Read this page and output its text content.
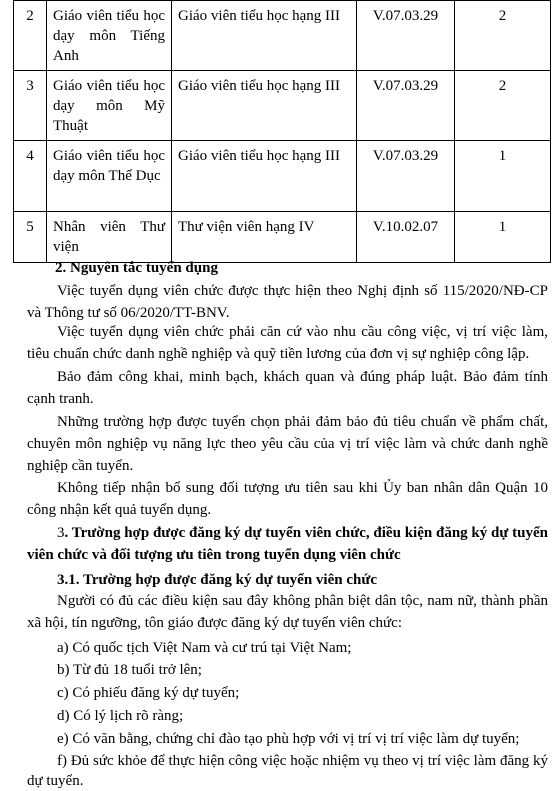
2	Giáo viên tiểu học dạy môn Tiếng Anh	Giáo viên tiểu học hạng III	V.07.03.29	2
3	Giáo viên tiểu học dạy môn Mỹ Thuật	Giáo viên tiểu học hạng III	V.07.03.29	2
4	Giáo viên tiểu học dạy môn Thể Dục	Giáo viên tiểu học hạng III	V.07.03.29	1
5	Nhân viên Thư viện	Thư viện viên hạng IV	V.10.02.07	1
2. Nguyên tắc tuyển dụng
Việc tuyển dụng viên chức được thực hiện theo Nghị định số 115/2020/NĐ-CP và Thông tư số 06/2020/TT-BNV.
Việc tuyển dụng viên chức phải căn cứ vào nhu cầu công việc, vị trí việc làm, tiêu chuẩn chức danh nghề nghiệp và quỹ tiền lương của đơn vị sự nghiệp công lập.
Bảo đảm công khai, minh bạch, khách quan và đúng pháp luật. Bảo đảm tính cạnh tranh.
Những trường hợp được tuyển chọn phải đảm bảo đủ tiêu chuẩn về phẩm chất, chuyên môn nghiệp vụ năng lực theo yêu cầu của vị trí việc làm và chức danh nghề nghiệp cần tuyển.
Không tiếp nhận bổ sung đối tượng ưu tiên sau khi Ủy ban nhân dân Quận 10 công nhận kết quả tuyển dụng.
3. Trường hợp được đăng ký dự tuyển viên chức, điều kiện đăng ký dự tuyển viên chức và đối tượng ưu tiên trong tuyển dụng viên chức
3.1. Trường hợp được đăng ký dự tuyển viên chức
Người có đủ các điều kiện sau đây không phân biệt dân tộc, nam nữ, thành phần xã hội, tín ngưỡng, tôn giáo được đăng ký dự tuyển viên chức:
a) Có quốc tịch Việt Nam và cư trú tại Việt Nam;
b) Từ đủ 18 tuổi trở lên;
c) Có phiếu đăng ký dự tuyển;
d) Có lý lịch rõ ràng;
e) Có văn bằng, chứng chỉ đào tạo phù hợp với vị trí vị trí việc làm dự tuyển;
f) Đủ sức khỏe để thực hiện công việc hoặc nhiệm vụ theo vị trí việc làm đăng ký dự tuyển.
